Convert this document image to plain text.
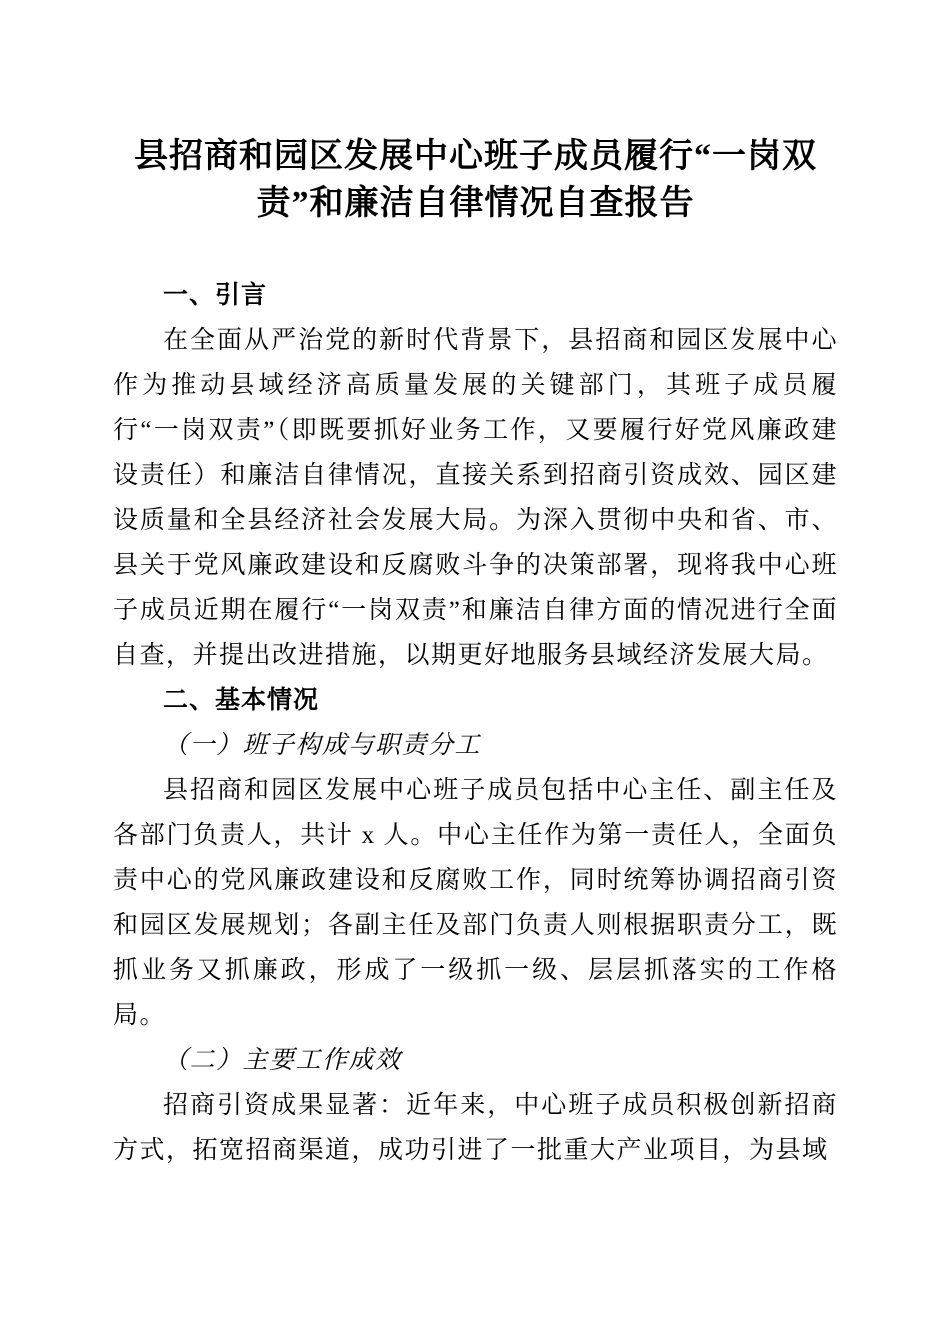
县招商和园区发展中心班子成员履行“一岗双
责”和廉洁自律情况自查报告
一、引言

在全面从严治党的新时代背景下，县招商和园区发展中心作为推动县域经济高质量发展的关键部门，其班子成员履行“一岗双责”（即既要抓好业务工作，又要履行好党风廉政建设责任）和廉洁自律情况，直接关系到招商引资成效、园区建设质量和全县经济社会发展大局。为深入贯彻中央和省、市、县关于党风廉政建设和反腐败斗争的决策部署，现将我中心班子成员近期在履行“一岗双责”和廉洁自律方面的情况进行全面自查，并提出改进措施，以期更好地服务县域经济发展大局。

二、基本情况
（一）班子构成与职责分工

县招商和园区发展中心班子成员包括中心主任、副主任及各部门负责人，共计 x 人。中心主任作为第一责任人，全面负责中心的党风廉政建设和反腐败工作，同时统筹协调招商引资和园区发展规划；各副主任及部门负责人则根据职责分工，既抓业务又抓廉政，形成了一级抓一级、层层抓落实的工作格局。

（二）主要工作成效

招商引资成果显著：近年来，中心班子成员积极创新招商方式，拓宽招商渠道，成功引进了一批重大产业项目，为县域
